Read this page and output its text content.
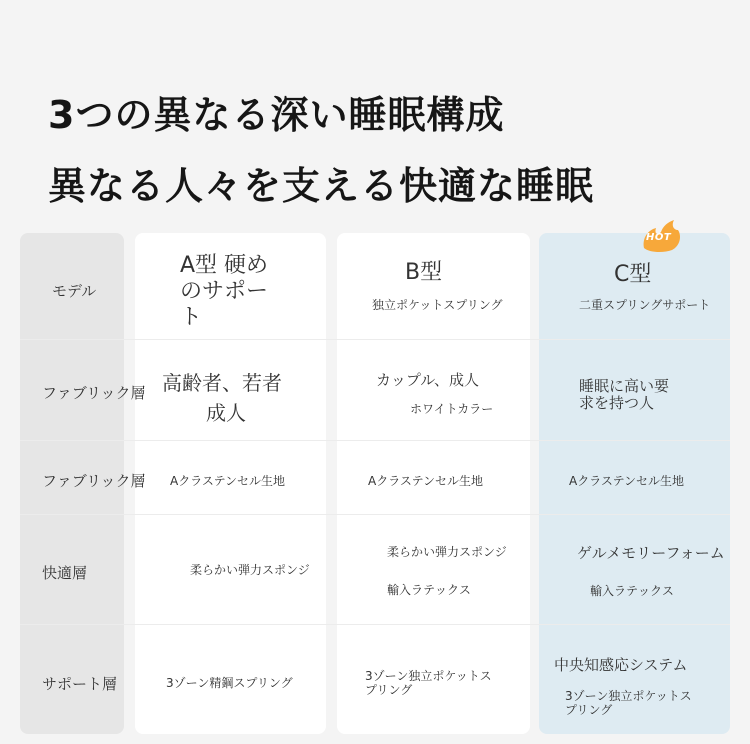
3つの異なる深い睡眠構成
異なる人々を支える快適な睡眠
HOT
モデル
ファブリック層
ファブリック層
快適層
サポート層
A型 硬め
のサポー
ト
高齢者、若者
成人
Aクラステンセル生地
柔らかい弾力スポンジ
3ゾーン精鋼スプリング
B型
独立ポケットスプリング
カップル、成人
ホワイトカラー
Aクラステンセル生地
柔らかい弾力スポンジ
輸入ラテックス
3ゾーン独立ポケットス
プリング
C型
二重スプリングサポート
睡眠に高い要
求を持つ人
Aクラステンセル生地
ゲルメモリーフォーム
輸入ラテックス
中央知感応システム
3ゾーン独立ポケットス
プリング
